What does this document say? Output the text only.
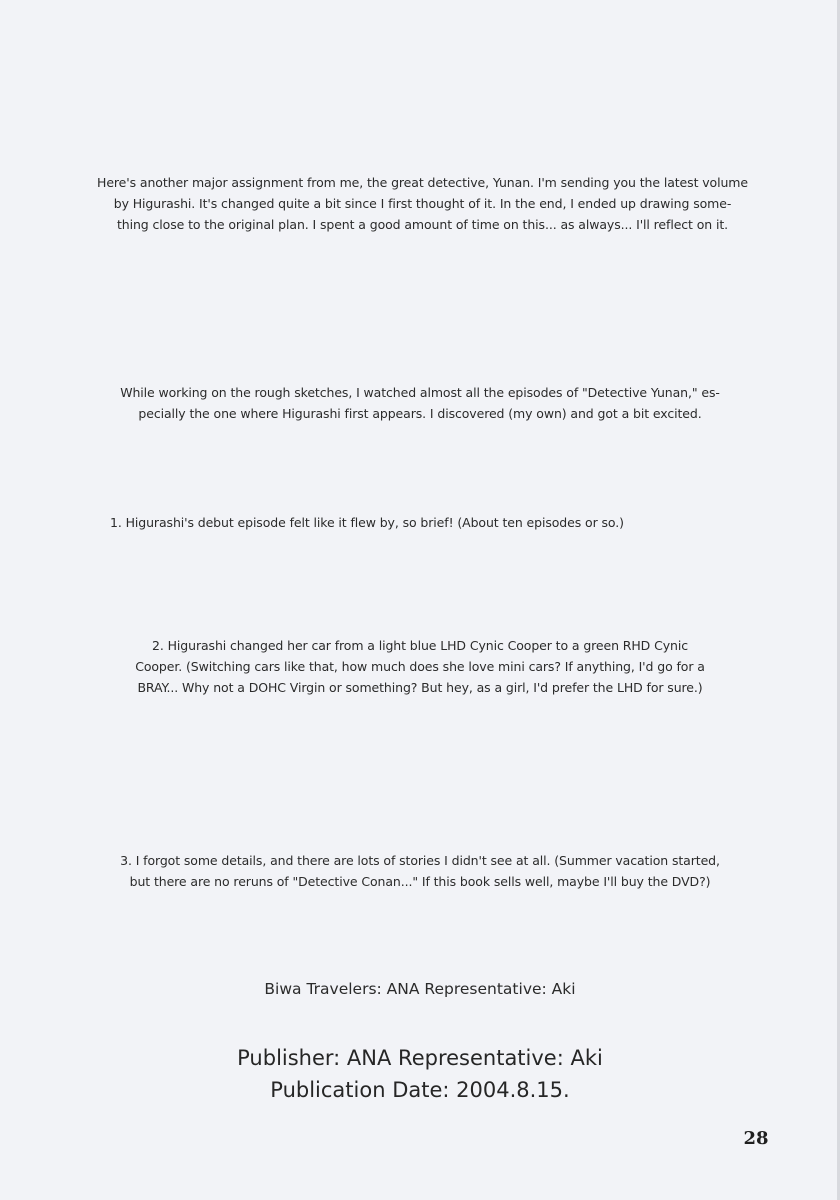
Here's another major assignment from me, the great detective, Yunan. I'm sending you the latest volume
by Higurashi. It's changed quite a bit since I first thought of it. In the end, I ended up drawing some-
thing close to the original plan. I spent a good amount of time on this... as always... I'll reflect on it.

While working on the rough sketches, I watched almost all the episodes of "Detective Yunan," es-
pecially the one where Higurashi first appears. I discovered (my own) and got a bit excited.

1. Higurashi's debut episode felt like it flew by, so brief! (About ten episodes or so.)

2. Higurashi changed her car from a light blue LHD Cynic Cooper to a green RHD Cynic
Cooper. (Switching cars like that, how much does she love mini cars? If anything, I'd go for a
BRAY... Why not a DOHC Virgin or something? But hey, as a girl, I'd prefer the LHD for sure.)

3. I forgot some details, and there are lots of stories I didn't see at all. (Summer vacation started,
but there are no reruns of "Detective Conan..." If this book sells well, maybe I'll buy the DVD?)

Biwa Travelers: ANA Representative: Aki

Publisher: ANA Representative: Aki

Publication Date: 2004.8.15.

28
